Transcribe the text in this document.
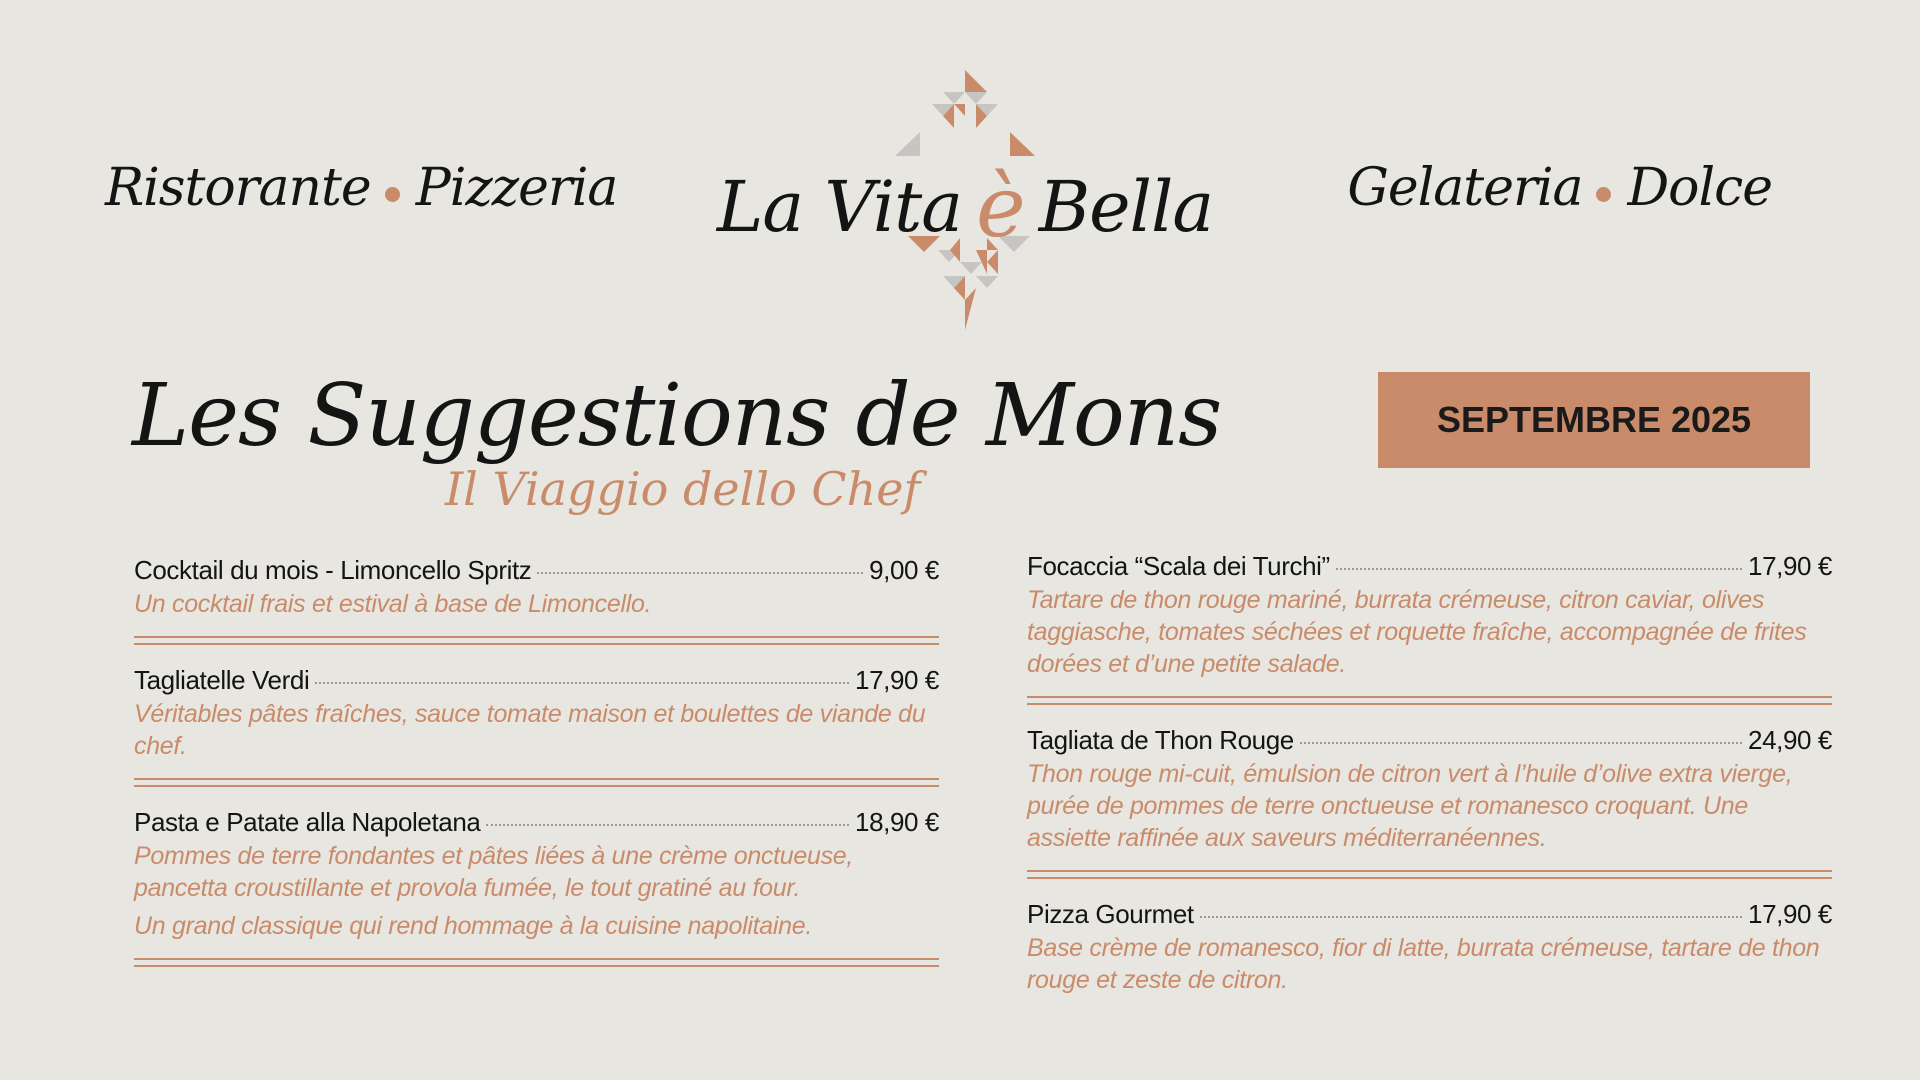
Ristorante Pizzeria	Gelateria Dolce
La Vita è Bella
Les Suggestions de Mons
Il Viaggio dello Chef
SEPTEMBRE 2025
Cocktail du mois - Limoncello Spritz	9,00 €
Un cocktail frais et estival à base de Limoncello.
Tagliatelle Verdi	17,90 €
Véritables pâtes fraîches, sauce tomate maison et boulettes de viande du chef.
Pasta e Patate alla Napoletana	18,90 €
Pommes de terre fondantes et pâtes liées à une crème onctueuse, pancetta croustillante et provola fumée, le tout gratiné au four.
Un grand classique qui rend hommage à la cuisine napolitaine.
Focaccia “Scala dei Turchi”	17,90 €
Tartare de thon rouge mariné, burrata crémeuse, citron caviar, olives taggiasche, tomates séchées et roquette fraîche, accompagnée de frites dorées et d’une petite salade.
Tagliata de Thon Rouge	24,90 €
Thon rouge mi-cuit, émulsion de citron vert à l’huile d’olive extra vierge, purée de pommes de terre onctueuse et romanesco croquant. Une assiette raffinée aux saveurs méditerranéennes.
Pizza Gourmet	17,90 €
Base crème de romanesco, fior di latte, burrata crémeuse, tartare de thon rouge et zeste de citron.
